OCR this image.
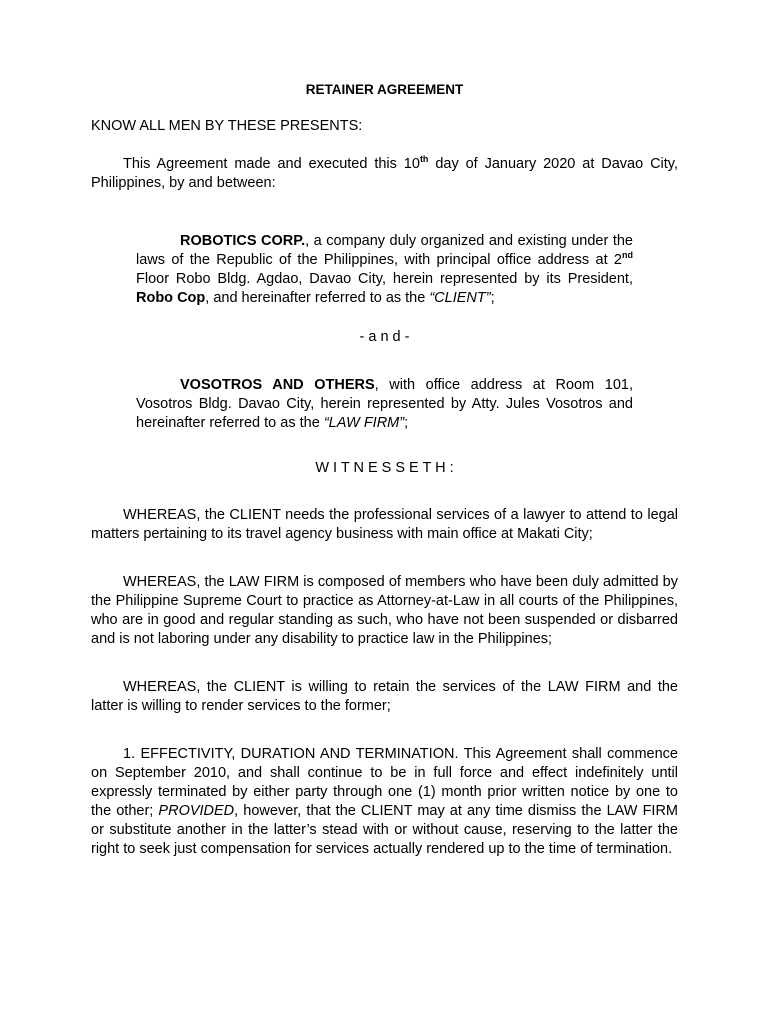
RETAINER AGREEMENT
KNOW ALL MEN BY THESE PRESENTS:
This Agreement made and executed this 10th day of January 2020 at Davao City, Philippines, by and between:
ROBOTICS CORP., a company duly organized and existing under the laws of the Republic of the Philippines, with principal office address at 2nd Floor Robo Bldg. Agdao, Davao City, herein represented by its President, Robo Cop, and hereinafter referred to as the “CLIENT”;
- a n d -
VOSOTROS AND OTHERS, with office address at Room 101, Vosotros Bldg. Davao City, herein represented by Atty. Jules Vosotros and hereinafter referred to as the “LAW FIRM”;
W I T N E S S E T H :
WHEREAS, the CLIENT needs the professional services of a lawyer to attend to legal matters pertaining to its travel agency business with main office at Makati City;
WHEREAS, the LAW FIRM is composed of members who have been duly admitted by the Philippine Supreme Court to practice as Attorney-at-Law in all courts of the Philippines, who are in good and regular standing as such, who have not been suspended or disbarred and is not laboring under any disability to practice law in the Philippines;
WHEREAS, the CLIENT is willing to retain the services of the LAW FIRM and the latter is willing to render services to the former;
1. EFFECTIVITY, DURATION AND TERMINATION. This Agreement shall commence on September 2010, and shall continue to be in full force and effect indefinitely until expressly terminated by either party through one (1) month prior written notice by one to the other; PROVIDED, however, that the CLIENT may at any time dismiss the LAW FIRM or substitute another in the latter’s stead with or without cause, reserving to the latter the right to seek just compensation for services actually rendered up to the time of termination.
